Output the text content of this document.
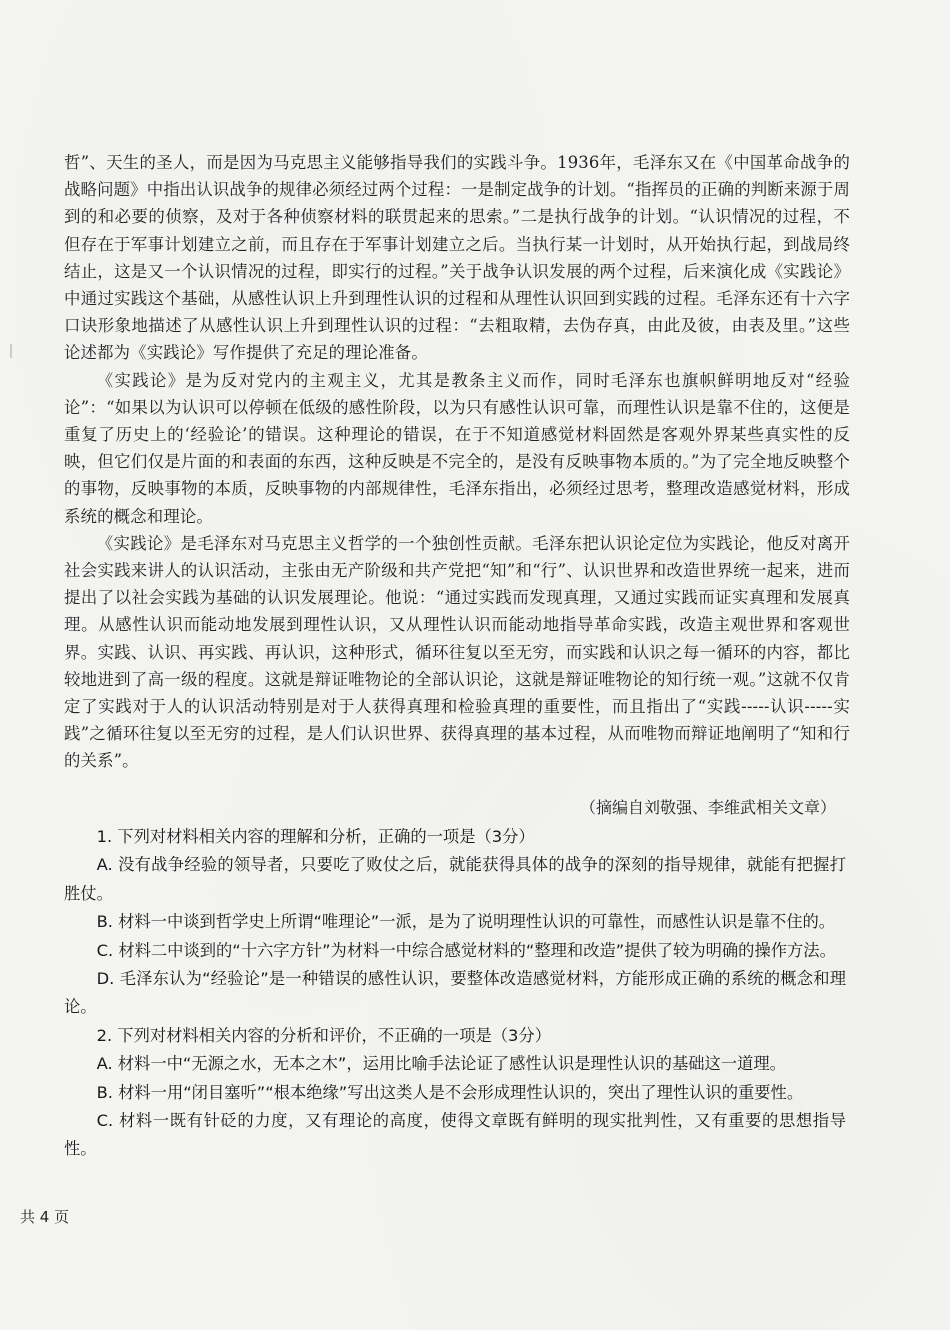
哲”、天生的圣人，而是因为马克思主义能够指导我们的实践斗争。1936年，毛泽东又在《中国革命战争的战略问题》中指出认识战争的规律必须经过两个过程：一是制定战争的计划。“指挥员的正确的判断来源于周到的和必要的侦察，及对于各种侦察材料的联贯起来的思索。”二是执行战争的计划。“认识情况的过程，不但存在于军事计划建立之前，而且存在于军事计划建立之后。当执行某一计划时，从开始执行起，到战局终结止，这是又一个认识情况的过程，即实行的过程。”关于战争认识发展的两个过程，后来演化成《实践论》中通过实践这个基础，从感性认识上升到理性认识的过程和从理性认识回到实践的过程。毛泽东还有十六字口诀形象地描述了从感性认识上升到理性认识的过程：“去粗取精，去伪存真，由此及彼，由表及里。”这些论述都为《实践论》写作提供了充足的理论准备。

《实践论》是为反对党内的主观主义，尤其是教条主义而作，同时毛泽东也旗帜鲜明地反对“经验论”：“如果以为认识可以停顿在低级的感性阶段，以为只有感性认识可靠，而理性认识是靠不住的，这便是重复了历史上的‘经验论’的错误。这种理论的错误，在于不知道感觉材料固然是客观外界某些真实性的反映，但它们仅是片面的和表面的东西，这种反映是不完全的，是没有反映事物本质的。”为了完全地反映整个的事物，反映事物的本质，反映事物的内部规律性，毛泽东指出，必须经过思考，整理改造感觉材料，形成系统的概念和理论。

《实践论》是毛泽东对马克思主义哲学的一个独创性贡献。毛泽东把认识论定位为实践论，他反对离开社会实践来讲人的认识活动，主张由无产阶级和共产党把“知”和“行”、认识世界和改造世界统一起来，进而提出了以社会实践为基础的认识发展理论。他说：“通过实践而发现真理，又通过实践而证实真理和发展真理。从感性认识而能动地发展到理性认识，又从理性认识而能动地指导革命实践，改造主观世界和客观世界。实践、认识、再实践、再认识，这种形式，循环往复以至无穷，而实践和认识之每一循环的内容，都比较地进到了高一级的程度。这就是辩证唯物论的全部认识论，这就是辩证唯物论的知行统一观。”这就不仅肯定了实践对于人的认识活动特别是对于人获得真理和检验真理的重要性，而且指出了“实践-----认识-----实践”之循环往复以至无穷的过程，是人们认识世界、获得真理的基本过程，从而唯物而辩证地阐明了“知和行的关系”。

（摘编自刘敬强、李维武相关文章）

1. 下列对材料相关内容的理解和分析，正确的一项是（3分）

A. 没有战争经验的领导者，只要吃了败仗之后，就能获得具体的战争的深刻的指导规律，就能有把握打胜仗。

B. 材料一中谈到哲学史上所谓“唯理论”一派，是为了说明理性认识的可靠性，而感性认识是靠不住的。

C. 材料二中谈到的“十六字方针”为材料一中综合感觉材料的“整理和改造”提供了较为明确的操作方法。

D. 毛泽东认为“经验论”是一种错误的感性认识，要整体改造感觉材料，方能形成正确的系统的概念和理论。

2. 下列对材料相关内容的分析和评价，不正确的一项是（3分）

A. 材料一中“无源之水，无本之木”，运用比喻手法论证了感性认识是理性认识的基础这一道理。

B. 材料一用“闭目塞听”“根本绝缘”写出这类人是不会形成理性认识的，突出了理性认识的重要性。

C. 材料一既有针砭的力度，又有理论的高度，使得文章既有鲜明的现实批判性，又有重要的思想指导性。

共 4 页
